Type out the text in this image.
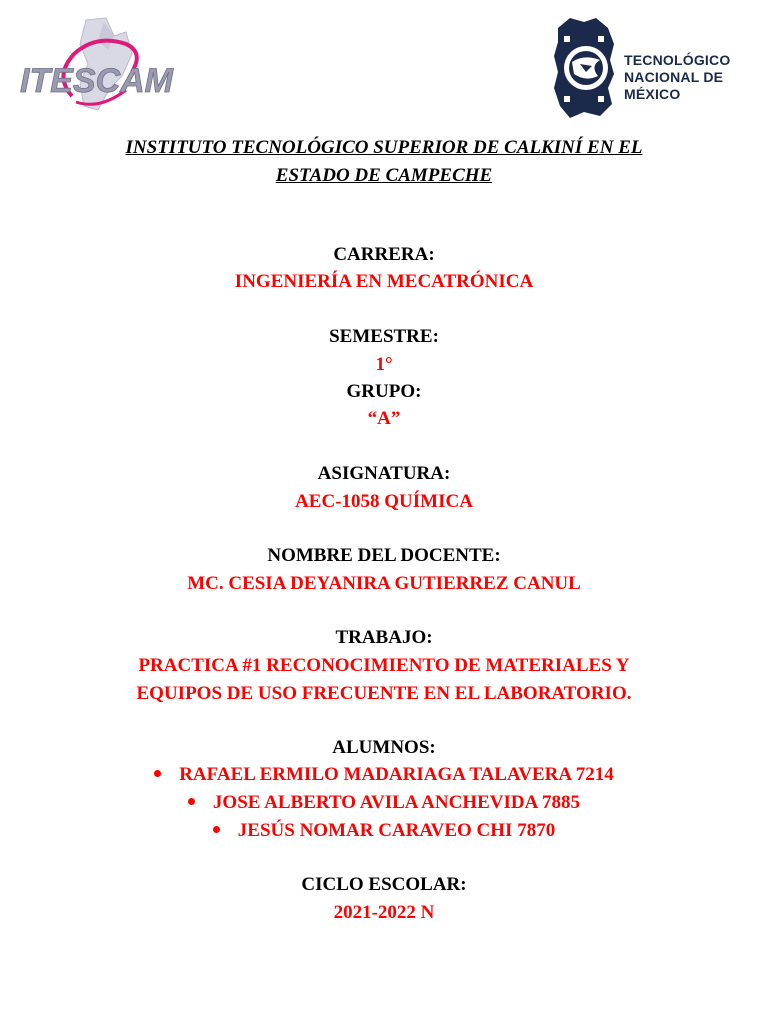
ITESCAM
TECNOLÓGICO
NACIONAL DE MÉXICO
INSTITUTO TECNOLÓGICO SUPERIOR DE CALKINÍ EN EL
ESTADO DE CAMPECHE
CARRERA:
INGENIERÍA EN MECATRÓNICA
SEMESTRE:
1°
GRUPO:
“A”
ASIGNATURA:
AEC-1058 QUÍMICA
NOMBRE DEL DOCENTE:
MC. CESIA DEYANIRA GUTIERREZ CANUL
TRABAJO:
PRACTICA #1 RECONOCIMIENTO DE MATERIALES Y
EQUIPOS DE USO FRECUENTE EN EL LABORATORIO.
ALUMNOS:
RAFAEL ERMILO MADARIAGA TALAVERA 7214
JOSE ALBERTO AVILA ANCHEVIDA 7885
JESÚS NOMAR CARAVEO CHI 7870
CICLO ESCOLAR:
2021-2022 N
